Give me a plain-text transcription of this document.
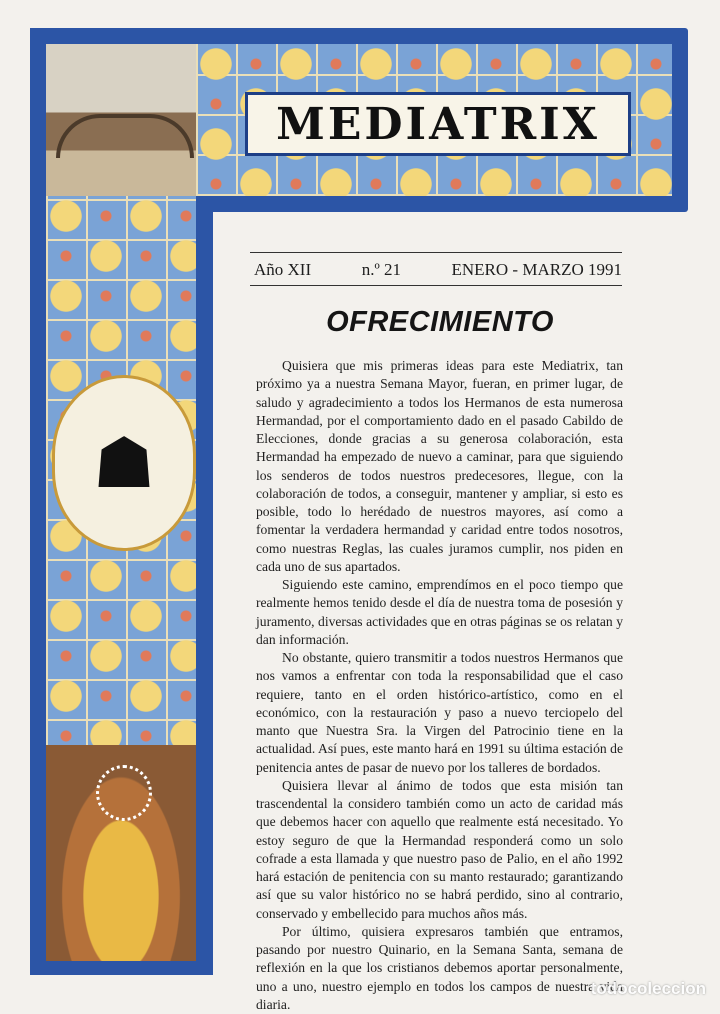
☗
MEDIATRIX
Año XII	n.º 21	ENERO - MARZO 1991
OFRECIMIENTO

Quisiera que mis primeras ideas para este Mediatrix, tan próximo ya a nuestra Semana Mayor, fueran, en primer lugar, de saludo y agradecimiento a todos los Hermanos de esta numerosa Hermandad, por el comportamiento dado en el pasado Cabildo de Elecciones, donde gracias a su generosa colaboración, esta Hermandad ha empezado de nuevo a caminar, para que siguiendo los senderos de todos nuestros predecesores, llegue, con la colaboración de todos, a conseguir, mantener y ampliar, si esto es posible, todo lo herédado de nuestros mayores, así como a fomentar la verdadera hermandad y caridad entre todos nosotros, como nuestras Reglas, las cuales juramos cumplir, nos piden en cada uno de sus apartados.

Siguiendo este camino, emprendímos en el poco tiempo que realmente hemos tenido desde el día de nuestra toma de posesión y juramento, diversas actividades que en otras páginas se os relatan y dan información.

No obstante, quiero transmitir a todos nuestros Hermanos que nos vamos a enfrentar con toda la responsabilidad que el caso requiere, tanto en el orden histórico-artístico, como en el económico, con la restauración y paso a nuevo terciopelo del manto que Nuestra Sra. la Virgen del Patrocinio tiene en la actualidad. Así pues, este manto hará en 1991 su última estación de penitencia antes de pasar de nuevo por los talleres de bordados.

Quisiera llevar al ánimo de todos que esta misión tan trascendental la considero también como un acto de caridad más que debemos hacer con aquello que realmente está necesitado. Yo estoy seguro de que la Hermandad responderá como un solo cofrade a esta llamada y que nuestro paso de Palio, en el año 1992 hará estación de penitencia con su manto restaurado; garantizando así que su valor histórico no se habrá perdido, sino al contrario, conservado y embellecido para muchos años más.

Por último, quisiera expresaros también que entramos, pasando por nuestro Quinario, en la Semana Santa, semana de reflexión en la que los cristianos debemos aportar personalmente, uno a uno, nuestro ejemplo en todos los campos de nuestra vida diaria.

todocoleccion
